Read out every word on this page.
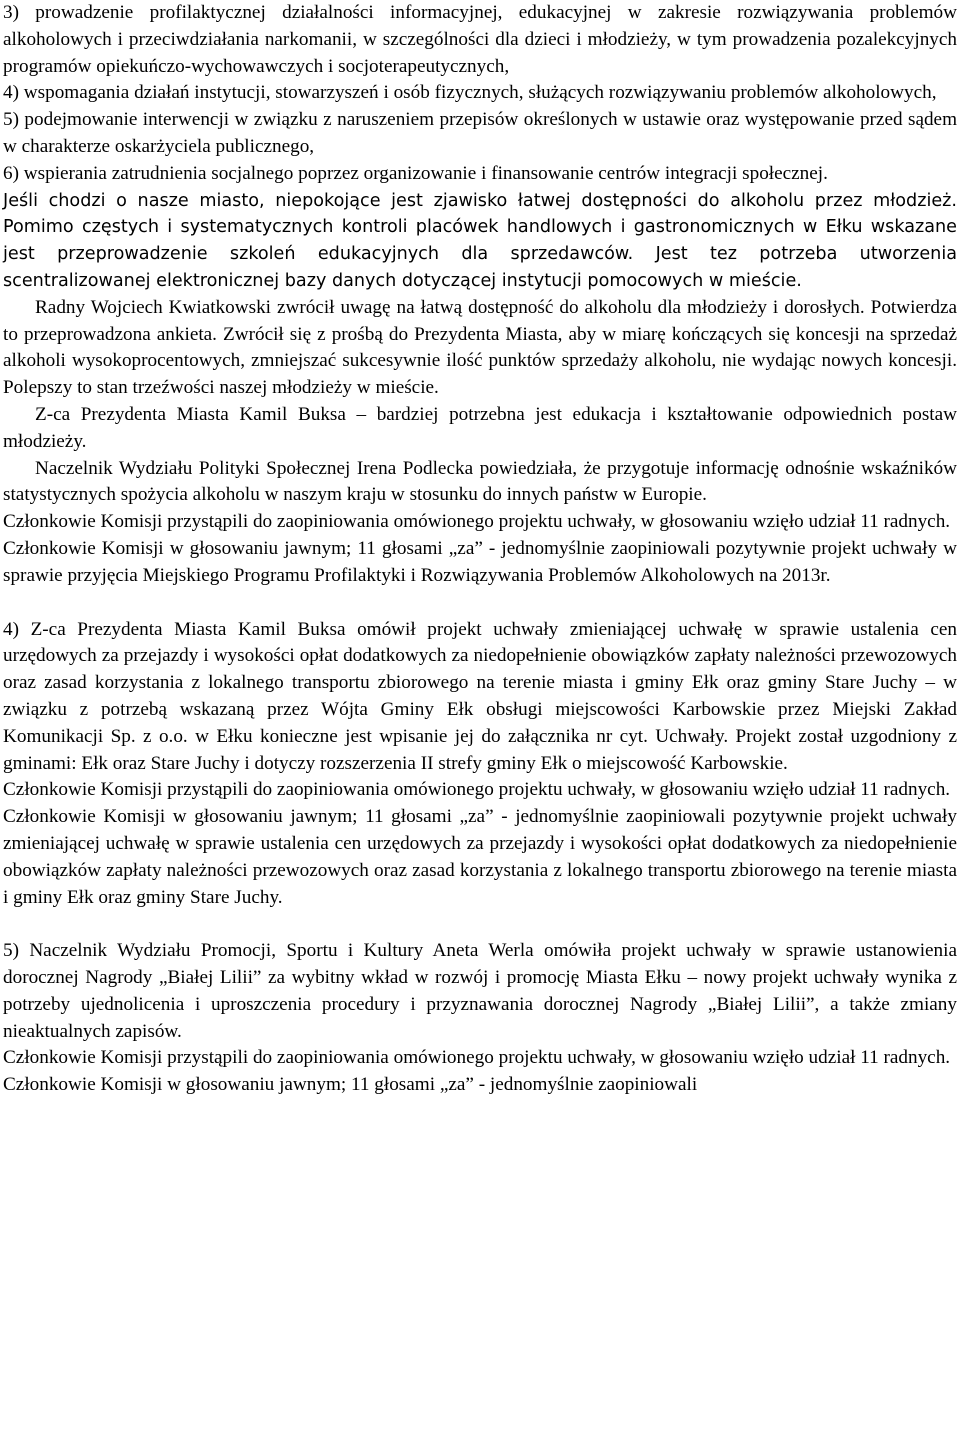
3) prowadzenie profilaktycznej działalności informacyjnej, edukacyjnej w zakresie rozwiązywania problemów alkoholowych i przeciwdziałania narkomanii, w szczególności dla dzieci i młodzieży, w tym prowadzenia pozalekcyjnych programów opiekuńczo-wychowawczych i socjoterapeutycznych,

4) wspomagania działań instytucji, stowarzyszeń i osób fizycznych, służących rozwiązywaniu problemów alkoholowych,

5) podejmowanie interwencji w związku z naruszeniem przepisów określonych w ustawie oraz występowanie przed sądem w charakterze oskarżyciela publicznego,

6) wspierania zatrudnienia socjalnego poprzez organizowanie i finansowanie centrów integracji społecznej.

Jeśli chodzi o nasze miasto, niepokojące jest zjawisko łatwej dostępności do alkoholu przez młodzież. Pomimo częstych i systematycznych kontroli placówek handlowych i gastronomicznych w Ełku wskazane jest przeprowadzenie szkoleń edukacyjnych dla sprzedawców. Jest tez potrzeba utworzenia scentralizowanej elektronicznej bazy danych dotyczącej instytucji pomocowych w mieście.

Radny Wojciech Kwiatkowski zwrócił uwagę na łatwą dostępność do alkoholu dla młodzieży i dorosłych. Potwierdza to przeprowadzona ankieta. Zwrócił się z prośbą do Prezydenta Miasta, aby w miarę kończących się koncesji na sprzedaż alkoholi wysokoprocentowych, zmniejszać sukcesywnie ilość punktów sprzedaży alkoholu, nie wydając nowych koncesji. Polepszy to stan trzeźwości naszej młodzieży w mieście.

Z-ca Prezydenta Miasta Kamil Buksa – bardziej potrzebna jest edukacja i kształtowanie odpowiednich postaw młodzieży.

Naczelnik Wydziału Polityki Społecznej Irena Podlecka powiedziała, że przygotuje informację odnośnie wskaźników statystycznych spożycia alkoholu w naszym kraju w stosunku do innych państw w Europie.

Członkowie Komisji przystąpili do zaopiniowania omówionego projektu uchwały, w głosowaniu wzięło udział 11 radnych.

Członkowie Komisji w głosowaniu jawnym; 11 głosami „za” - jednomyślnie zaopiniowali pozytywnie projekt uchwały w sprawie przyjęcia Miejskiego Programu Profilaktyki i Rozwiązywania Problemów Alkoholowych na 2013r.

4) Z-ca Prezydenta Miasta Kamil Buksa omówił projekt uchwały zmieniającej uchwałę w sprawie ustalenia cen urzędowych za przejazdy i wysokości opłat dodatkowych za niedopełnienie obowiązków zapłaty należności przewozowych oraz zasad korzystania z lokalnego transportu zbiorowego na terenie miasta i gminy Ełk oraz gminy Stare Juchy – w związku z potrzebą wskazaną przez Wójta Gminy Ełk obsługi miejscowości Karbowskie przez Miejski Zakład Komunikacji Sp. z o.o. w Ełku konieczne jest wpisanie jej do załącznika nr cyt. Uchwały. Projekt został uzgodniony z gminami: Ełk oraz Stare Juchy i dotyczy rozszerzenia II strefy gminy Ełk o miejscowość Karbowskie.

Członkowie Komisji przystąpili do zaopiniowania omówionego projektu uchwały, w głosowaniu wzięło udział 11 radnych.

Członkowie Komisji w głosowaniu jawnym; 11 głosami „za” - jednomyślnie zaopiniowali pozytywnie projekt uchwały zmieniającej uchwałę w sprawie ustalenia cen urzędowych za przejazdy i wysokości opłat dodatkowych za niedopełnienie obowiązków zapłaty należności przewozowych oraz zasad korzystania z lokalnego transportu zbiorowego na terenie miasta i gminy Ełk oraz gminy Stare Juchy.

5) Naczelnik Wydziału Promocji, Sportu i Kultury Aneta Werla omówiła projekt uchwały w sprawie ustanowienia dorocznej Nagrody „Białej Lilii” za wybitny wkład w rozwój i promocję Miasta Ełku – nowy projekt uchwały wynika z potrzeby ujednolicenia i uproszczenia procedury i przyznawania dorocznej Nagrody „Białej Lilii”, a także zmiany nieaktualnych zapisów.

Członkowie Komisji przystąpili do zaopiniowania omówionego projektu uchwały, w głosowaniu wzięło udział 11 radnych.

Członkowie Komisji w głosowaniu jawnym; 11 głosami „za” - jednomyślnie zaopiniowali
